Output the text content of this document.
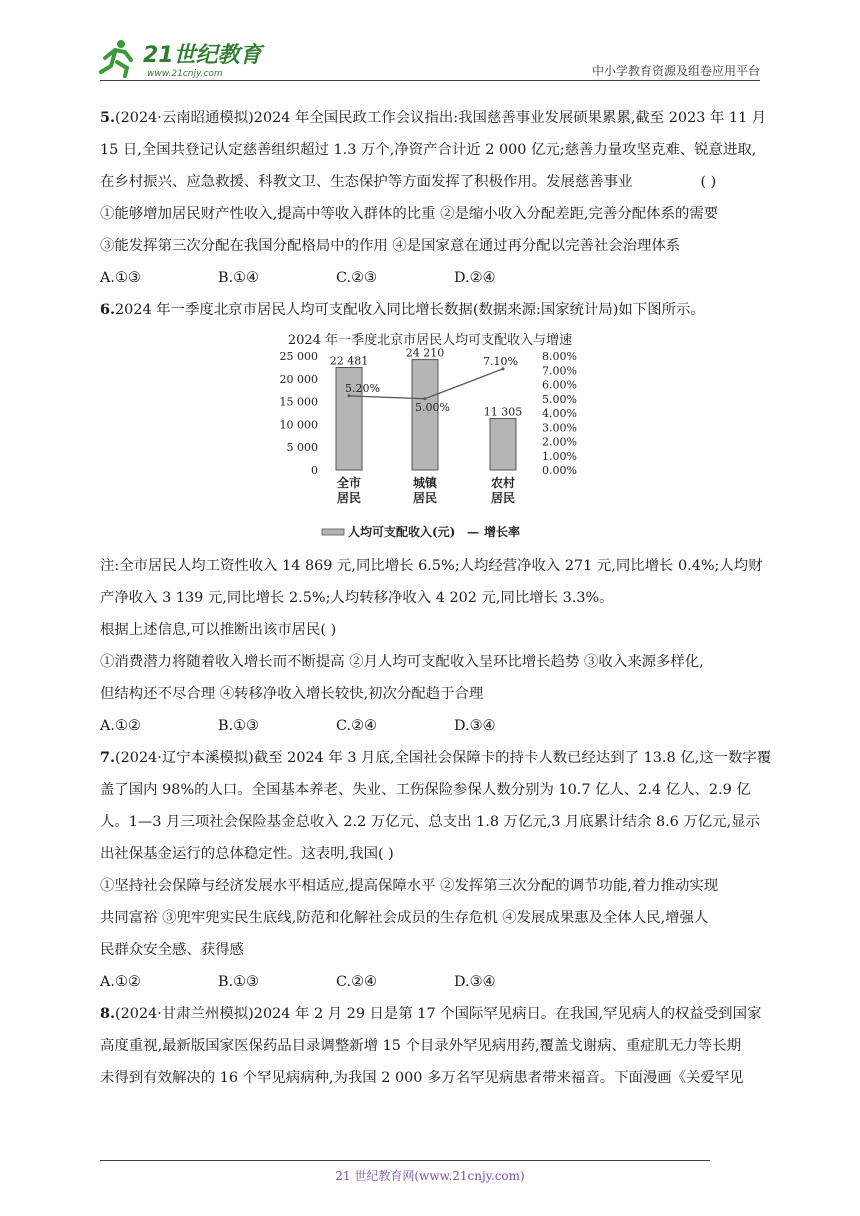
21世纪教育
www.21cnjy.com	中小学教育资源及组卷应用平台
5.(2024·云南昭通模拟)2024 年全国民政工作会议指出:我国慈善事业发展硕果累累,截至 2023 年 11 月
15 日,全国共登记认定慈善组织超过 1.3 万个,净资产合计近 2 000 亿元;慈善力量攻坚克难、锐意进取,
在乡村振兴、应急救援、科教文卫、生态保护等方面发挥了积极作用。发展慈善事业	( )
①能够增加居民财产性收入,提高中等收入群体的比重 ②是缩小收入分配差距,完善分配体系的需要
③能发挥第三次分配在我国分配格局中的作用 ④是国家意在通过再分配以完善社会治理体系
A.①③	B.①④	C.②③	D.②④
6.2024 年一季度北京市居民人均可支配收入同比增长数据(数据来源:国家统计局)如下图所示。
2024 年一季度北京市居民人均可支配收入与增速
0
5 000
10 000
15 000
20 000
25 000
0.00%
1.00%
2.00%
3.00%
4.00%
5.00%
6.00%
7.00%
8.00%
22 481
24 210
11 305
5.20%
5.00%
7.10%
全市
居民
城镇
居民
农村
居民
人均可支配收入(元) — 增长率
注:全市居民人均工资性收入 14 869 元,同比增长 6.5%;人均经营净收入 271 元,同比增长 0.4%;人均财
产净收入 3 139 元,同比增长 2.5%;人均转移净收入 4 202 元,同比增长 3.3%。
根据上述信息,可以推断出该市居民( )
①消费潜力将随着收入增长而不断提高 ②月人均可支配收入呈环比增长趋势 ③收入来源多样化,
但结构还不尽合理 ④转移净收入增长较快,初次分配趋于合理
A.①②	B.①③	C.②④	D.③④
7.(2024·辽宁本溪模拟)截至 2024 年 3 月底,全国社会保障卡的持卡人数已经达到了 13.8 亿,这一数字覆
盖了国内 98%的人口。全国基本养老、失业、工伤保险参保人数分别为 10.7 亿人、2.4 亿人、2.9 亿
人。1—3 月三项社会保险基金总收入 2.2 万亿元、总支出 1.8 万亿元,3 月底累计结余 8.6 万亿元,显示
出社保基金运行的总体稳定性。这表明,我国( )
①坚持社会保障与经济发展水平相适应,提高保障水平 ②发挥第三次分配的调节功能,着力推动实现
共同富裕 ③兜牢兜实民生底线,防范和化解社会成员的生存危机 ④发展成果惠及全体人民,增强人
民群众安全感、获得感
A.①②	B.①③	C.②④	D.③④
8.(2024·甘肃兰州模拟)2024 年 2 月 29 日是第 17 个国际罕见病日。在我国,罕见病人的权益受到国家
高度重视,最新版国家医保药品目录调整新增 15 个目录外罕见病用药,覆盖戈谢病、重症肌无力等长期
未得到有效解决的 16 个罕见病病种,为我国 2 000 多万名罕见病患者带来福音。下面漫画《关爱罕见
21 世纪教育网(www.21cnjy.com)
